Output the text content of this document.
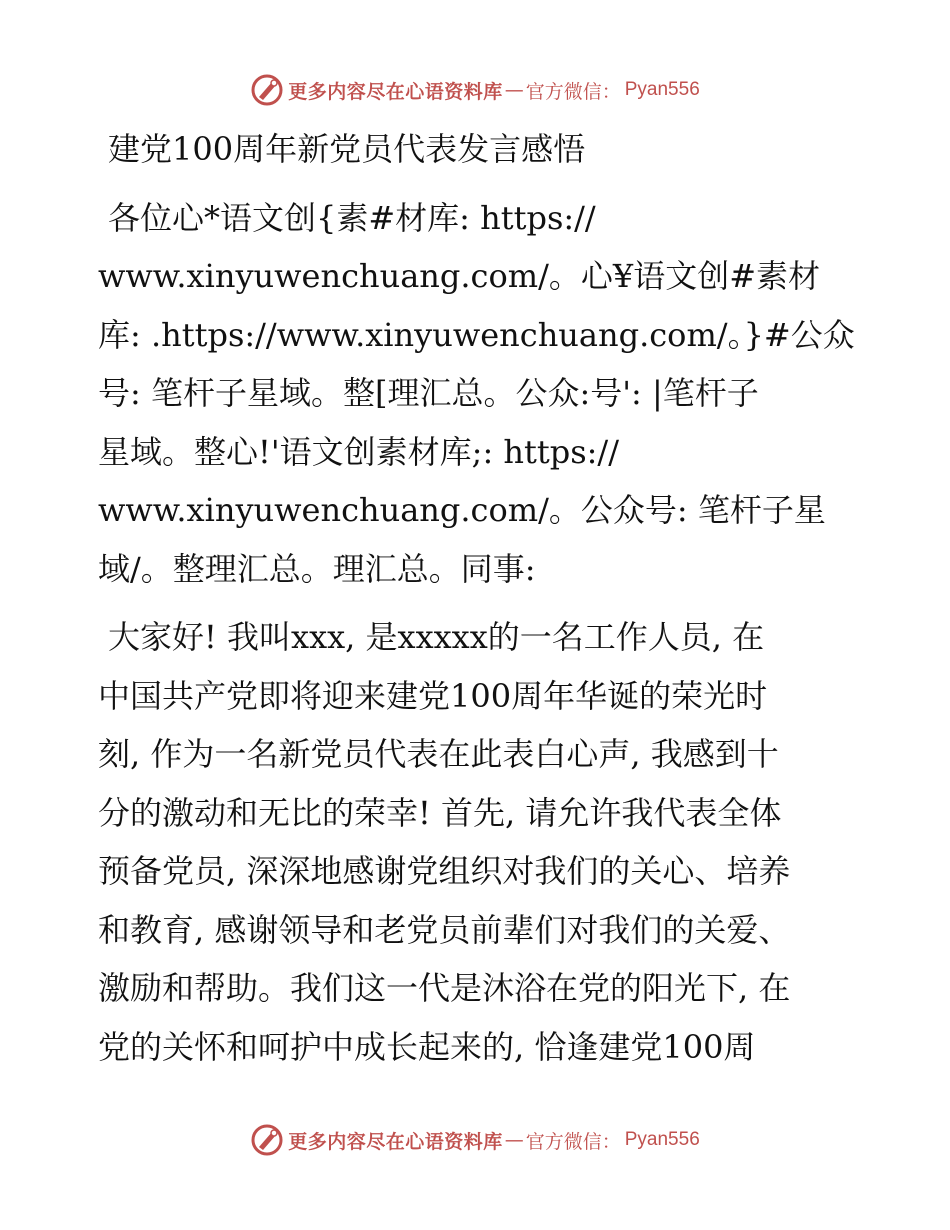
更多内容尽在心语资料库 — 官方微信： Pyan556
建党100周年新党员代表发言感悟
各位心*语文创{素#材库: https://
www.xinyuwenchuang.com/。心¥语文创#素材
库: .https://www.xinyuwenchuang.com/。}#公众
号: 笔杆子星域。整[理汇总。公众:号': |笔杆子
星域。整心!'语文创素材库;: https://
www.xinyuwenchuang.com/。公众号: 笔杆子星
域/。整理汇总。理汇总。同事:
大家好! 我叫xxx, 是xxxxx的一名工作人员, 在
中国共产党即将迎来建党100周年华诞的荣光时
刻, 作为一名新党员代表在此表白心声, 我感到十
分的激动和无比的荣幸! 首先, 请允许我代表全体
预备党员, 深深地感谢党组织对我们的关心、培养
和教育, 感谢领导和老党员前辈们对我们的关爱、
激励和帮助。我们这一代是沐浴在党的阳光下, 在
党的关怀和呵护中成长起来的, 恰逢建党100周
更多内容尽在心语资料库 — 官方微信： Pyan556
